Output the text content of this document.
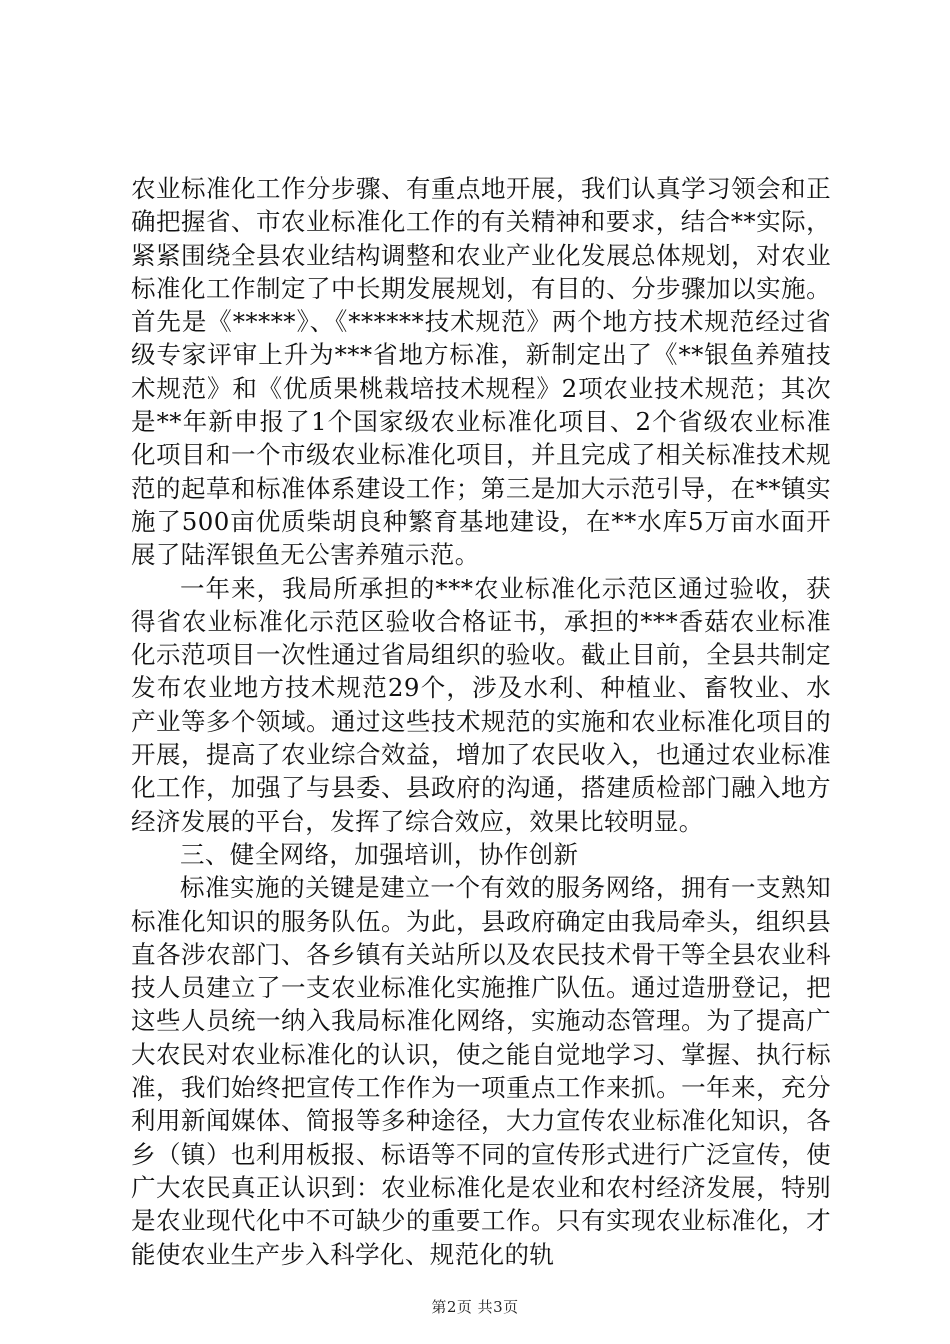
农业标准化工作分步骤、有重点地开展，我们认真学习领会和正确把握省、市农业标准化工作的有关精神和要求，结合**实际，紧紧围绕全县农业结构调整和农业产业化发展总体规划，对农业标准化工作制定了中长期发展规划，有目的、分步骤加以实施。首先是《*****》、《******技术规范》两个地方技术规范经过省级专家评审上升为***省地方标准，新制定出了《**银鱼养殖技术规范》和《优质果桃栽培技术规程》2项农业技术规范；其次是**年新申报了1个国家级农业标准化项目、2个省级农业标准化项目和一个市级农业标准化项目，并且完成了相关标准技术规范的起草和标准体系建设工作；第三是加大示范引导，在**镇实施了500亩优质柴胡良种繁育基地建设，在**水库5万亩水面开展了陆浑银鱼无公害养殖示范。

一年来，我局所承担的***农业标准化示范区通过验收，获得省农业标准化示范区验收合格证书，承担的***香菇农业标准化示范项目一次性通过省局组织的验收。截止目前，全县共制定发布农业地方技术规范29个，涉及水利、种植业、畜牧业、水产业等多个领域。通过这些技术规范的实施和农业标准化项目的开展，提高了农业综合效益，增加了农民收入，也通过农业标准化工作，加强了与县委、县政府的沟通，搭建质检部门融入地方经济发展的平台，发挥了综合效应，效果比较明显。

三、健全网络，加强培训，协作创新

标准实施的关键是建立一个有效的服务网络，拥有一支熟知标准化知识的服务队伍。为此，县政府确定由我局牵头，组织县直各涉农部门、各乡镇有关站所以及农民技术骨干等全县农业科技人员建立了一支农业标准化实施推广队伍。通过造册登记，把这些人员统一纳入我局标准化网络，实施动态管理。为了提高广大农民对农业标准化的认识，使之能自觉地学习、掌握、执行标准，我们始终把宣传工作作为一项重点工作来抓。一年来，充分利用新闻媒体、简报等多种途径，大力宣传农业标准化知识，各乡（镇）也利用板报、标语等不同的宣传形式进行广泛宣传，使广大农民真正认识到：农业标准化是农业和农村经济发展，特别是农业现代化中不可缺少的重要工作。只有实现农业标准化，才能使农业生产步入科学化、规范化的轨

第2页 共3页
